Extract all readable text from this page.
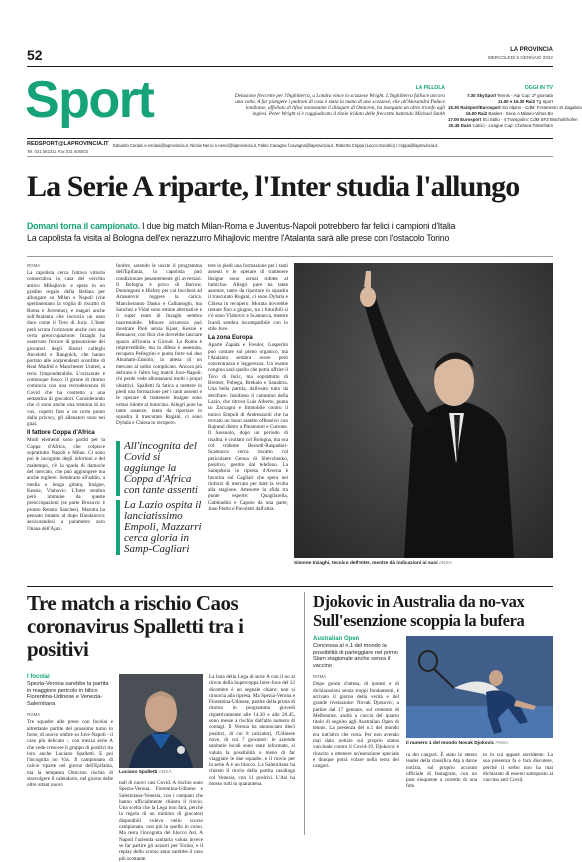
52	LA PROVINCIA
MERCOLEDÌ 5 GENNAIO 2022
Sport	LA PILLOLA
Delusione freccette per l'Inghilterra, a Londra vince lo scozzese Wright. L'Inghilterra fallisce ancora una volta. A far piangere i padroni di casa è stata la mano di uno scozzese, che all'Alexandra Palace londinese, affollato di tifosi nonostante il dilagare di Omicron, ha inseguito un altro trionfo agli inglesi. Peter Wright si è raggiudicato il titolo iridato delle freccette battendo Michael Smith
OGGI IN TV
7.30 SkySport Tennis - Atp Cup: 1ª giornata
11.00 e 15.30 Rai2 Tg Sport
15.30 RaiSport/Eurosport Sci Alpino - CdM: F.Hamenin SI Zagabria
16.00 Rai2 Basket - Serie A Milano-Virtus Bo
17.00 Eurosport Sci Salto - 4 Trampolini: CdM SFZ Bischofshofen
20.45 Dazn Calcio - League Cup: Chelsea-Tottenham
REDSPORT@LAPROVINCIA.IT
Tel. 031 582311 Fax 031 505003
Edoardo Ceriani e.ceriani@laprovincia.it, Nicola Nenci n.nenci@laprovincia.it, Fabio Cavagna f.cavagna@laprovincia.it, Roberta Crippa (Lecco-Sondrio) r.crippa@laprovincia.it
La Serie A riparte, l'Inter studia l'allungo
Domani torna il campionato. I due big match Milan-Roma e Juventus-Napoli potrebbero far felici i campioni d'Italia
La capolista fa visita al Bologna dell'ex nerazzurro Mihajlovic mentre l'Atalanta sarà alle prese con l'ostacolo Torino
ROMA
La capolista cerca l'ottava vittoria consecutiva in casa del vecchio amico Mihajlovic e spera in un gradito regalo della Befana per allungare su Milan e Napoli (che sperimentano la voglia di riscatto di Roma e Juventus), e magari anche sull'Atalanta che incrocia un osso duro come il Toro di Juric. L'Inter però scruta l'orizzonte anche con una certa preoccupazione: Inzaghi ha osservato l'errore di presunzione dei giocatori degli illustri colleghi Ancelotti e Rangnick, che hanno portato alle sorprendenti sconfitte di Real Madrid e Manchester United, a terra l'imponderabile. L'orizzonte è comunque fosco: il girone di ritorno comincia con una recrudescenza di Covid che ha costretto a una settantina di giocatori. Considerando che ci sono anche una trentina di no vax, coperti fino a un certo punto dalla privacy, gli allenatori sono nei guai.
Il fattore Coppa d'Africa
Molti elementi sono partiti per la Coppa d'Africa, che colpisce soprattutto Napoli e Milan. Ci sono poi le incognite degli infortuni e del maltempo, c'è la spada di damocle del mercato, che può aggiungere ma anche togliere. Sembrano all'addio, a media o lunga gittata, Insigne, Kessie, Vlahovic. L'Inter sembra però immune da queste preoccupazioni (se parte Brozovic è pronto Renato Sanches). Marotta ha pensato intanto al dopo Handanovic assicurandosi a parametro zero Onana dell'Ajax.
Inoltre, sarendo le uscite il programma dell'Epifania, la capolista può condizionare pesantemente gli avversari. Il Bologna è privo di Barrow, Dominguez e Hickey per cui toccherà ad Arnautovic reggere la carica. Mancheranno Dasko e Calhanoglu, ma Sanchez e Vidal sono ottime alternative e il super team di Inzaghi sembra inarrestabile. Minore sicurezza può mostrare Pioli senza Kjaer, Kessie e Bennacer, con Ibra che dovrebbe lasciare spazio all'ironia a Giroud. La Roma è imprevedibile, ma la difesa è assestata, recupera Pellegrini e punta forte sul duo Abraham-Zaniolo, in attesa di un mercato al solito complicato. Ancora più delicato è l'altro big match Juve-Napoli: chi perde vede allontanarsi molti i propri obiettivi. Spalletti fa fatica a mettere in piedi una formazione per i tanti assenti e le operare di trattenere Insigne sono ormai ridotte al lumicino. Allegri pure ha tante assenze, tanto da riportare in squadra il trascurato Rugani, ci sono Dybala e Chiesa in recupero.
All'incognita del Covid si aggiunge la Coppa d'Africa con tante assenti
La Lazio ospita il lanciatissimo Empoli, Mazzarri cerca gloria in Samp-Cagliari
tere in piedi una formazione per i tanti assenti e le operare di trattenere Insigne sono ormai ridotte al lumicino. Allegri pure ha tante assenze, tanto da riportare in squadra il trascurato Rugani, ci sono Dybala e Chiesa in recupero. Morata dovrebbe restare fino a giugno, tra i futuribili sì c'è sono Vlahovic e Scamacca, mentre Icardi sembra incompatibile con lo stile Juve.
La zona Europa
Aparte Zapata e Freuler, Gasperini può contare sul pieno organico, ma l'Atalanta sembra avere però concentrazza e leggerezza. Un esame congruo sarà quello che potrà offrire il Toro di Juric, ma soprattutto di Bremer, Pobega, Brekalo e Sanabria. Una bella partita, dall'esito tutto da decifrare. Insidioso il cammino della Lazio, che ritrova Luis Alberto, punta su Zaccagni e Immobile contro il tonico Empoli di Andreazzoli che ha trovato un buon assetto offensivo con Bajrami dietro a Pinamonti e Cutrone. Il Sassuolo, dopo un periodo di risalita, è crollato col Bologna, ma ora col tridente Berardi-Raspadori-Scamacca cerca riscatto col pericolante Genoa di Shevchenko, positivo, gestito dal telefono. La Sampdoria in ripresa d'Averna è favorita sul Cagliari che spera nei rinforzi di mercato per dare la svolta alla stagione. Attesorte la sfida tra punte esperte: Quagliarella, Gabbiadini e Caputo da una parte, Joao Pedro e Pavoletti dall'altra.
Simone Inzaghi, tecnico dell'Inter, mentre dà indicazioni ai suoi ANSA
Tre match a rischio Caos coronavirus Spalletti tra i positivi
I focolai
Spezia-Verona sarebbe la partita in maggiore pericolo in bilico Fiorentina-Udinese e Venezia-Salernitana
ROMA
Tre squadre alle prese con focolai e altrettante partite del prossimo turno in forse, di nuovo ombre su Juve-Napoli - il caso più delicato -, con mezza serie A che vede crescere il gruppo di positivi tra loro anche Luciano Spalletti. E poi l'incognita no Vax. Il campionato di calcio riparte nel giorno dell'Epifania, ma la tempesta Omicron rischia di stravolgere il calendario, nel giorno delle oltre ottant nuovi
Luciano Spalletti ANSA
nali di nuovi casi Covid. A rischio sono Spezia-Verona, Fiorentina-Udinese e Salernitana-Venezia, con i campani che hanno ufficialmente chiesto il rinvio. Una scelta che la Lega non farà, perché la regola di un minimo di giocatori disponibili voleva nello scorso campionato, non più in quello in corso. Ma resta l'incognita del blocco Asl. A Napoli l'azienda sanitaria valuta invece se far partire gli azzurri per Torino, e il replay dello scorso anno sarebbe il caso più scottante.
La lista della Lega di serie A con il no al rinvio della Supercoppa Inter-Juve del 12 dicembre è un segnale chiaro: non si rinuncia alla ripresa. Ma Spezia-Verona e Fiorentina-Udinese, partite della prima di ritorno in programma giovedì rispettivamente alle 14.30 e alle 20.45, sono messe a rischio dall'alto numero di contagi. Il Verona ha annunciato dieci positivi, di cui 8 calciatori, l'Udinese nove, di cui 7 giocatori: le aziende sanitarie locali sono state informate, si valuta la possibilità o meno di far viaggiare le due squadre, e il rinvio per la serie A è un blocco. La Salernitana ha chiesto il rinvio della partita casalinga col Venezia, con 11 positivi. L'Asl ha mosso tutti in quarantena.
Djokovic in Australia da no-vax Sull'esenzione scoppia la bufera
Australian Open
Concessa al n.1 del mondo la possibilità di parteggiare nel primo Slam stagionale anche senza il vaccino
ROMA
Dopo giorni d'attesa, di ipotesi e di dichiarazioni senza troppi fondamenti, è arrivato il giorno della verità e del grande rivelazione: Novak Djokovic, a partire dal 17 gennaio, sul cemento di Melbourne, andrà a caccia del quarto titolo di seguito agli Australian Open di tennis. La presenza del n.1 del mondo era tutt'altro che certa. Per non avendo mai dato notizie sul proprio status vaccinale contro il Covid-19, Djokovic è riuscito a ottenere un'esenzione speciale e dunque potrà volare nella terra dei canguri.
Il numero 1 del mondo Novak Djokovic ANSA
ra dei canguri. È stato lo stesso leader della classifica Atp a darne notizia, sul proprio account ufficiale di Instagram, con un post eloquente a corredo di una foto
to in cui appare sorridente. La sua presenza fa e farà discutere, perché il serbo non ha mai dichiarato di essersi sottoposto al vaccino anti Covid.
